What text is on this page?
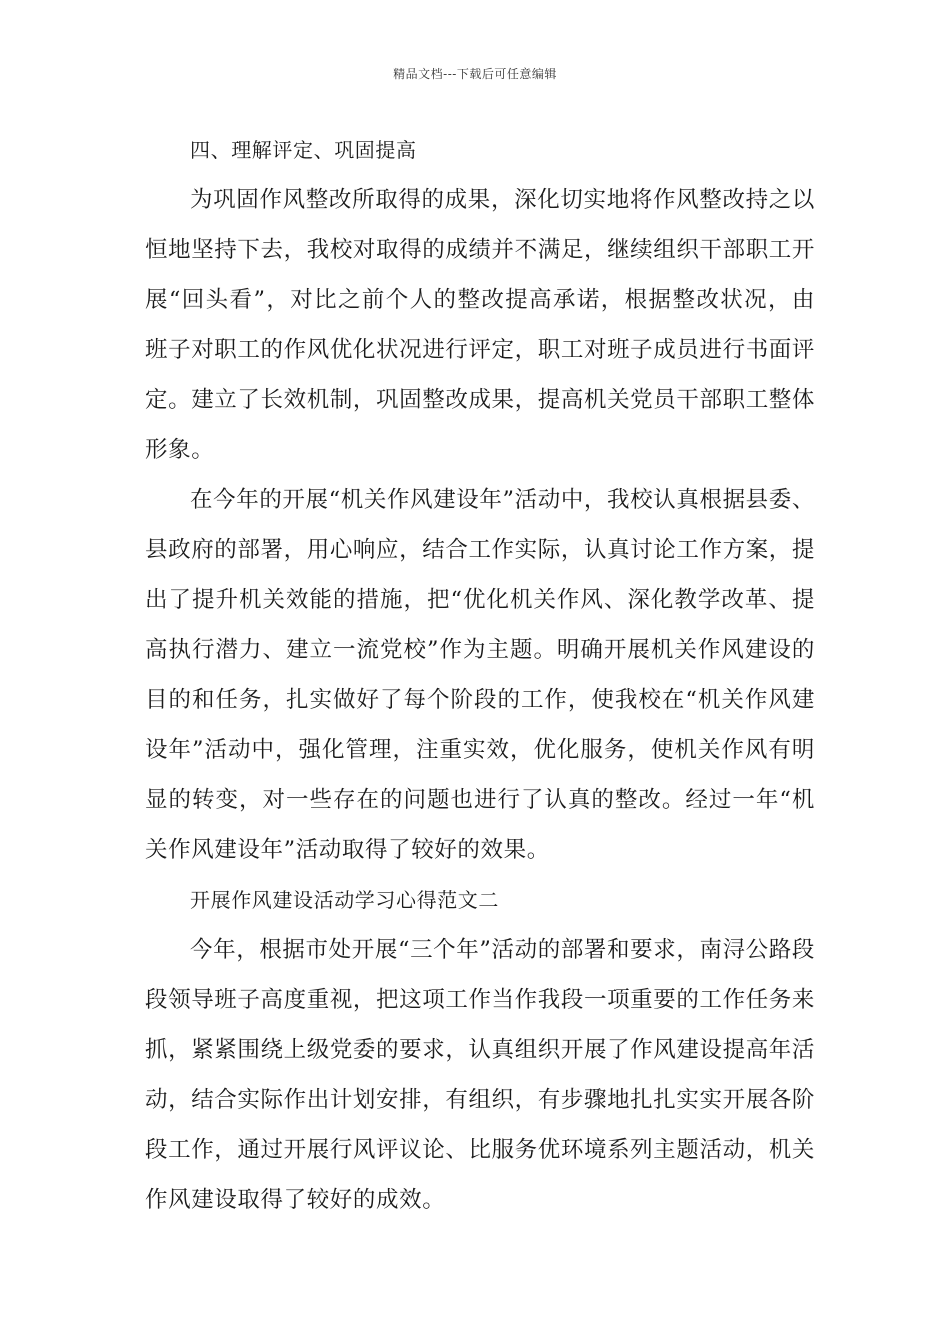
精品文档---下载后可任意编辑

四、理解评定、巩固提高

为巩固作风整改所取得的成果，深化切实地将作风整改持之以恒地坚持下去，我校对取得的成绩并不满足，继续组织干部职工开展“回头看”，对比之前个人的整改提高承诺，根据整改状况，由班子对职工的作风优化状况进行评定，职工对班子成员进行书面评定。建立了长效机制，巩固整改成果，提高机关党员干部职工整体形象。

在今年的开展“机关作风建设年”活动中，我校认真根据县委、县政府的部署，用心响应，结合工作实际，认真讨论工作方案，提出了提升机关效能的措施，把“优化机关作风、深化教学改革、提高执行潜力、建立一流党校”作为主题。明确开展机关作风建设的目的和任务，扎实做好了每个阶段的工作，使我校在“机关作风建设年”活动中，强化管理，注重实效，优化服务，使机关作风有明显的转变，对一些存在的问题也进行了认真的整改。经过一年“机关作风建设年”活动取得了较好的效果。

开展作风建设活动学习心得范文二

今年，根据市处开展“三个年”活动的部署和要求，南浔公路段段领导班子高度重视，把这项工作当作我段一项重要的工作任务来抓，紧紧围绕上级党委的要求，认真组织开展了作风建设提高年活动，结合实际作出计划安排，有组织，有步骤地扎扎实实开展各阶段工作，通过开展行风评议论、比服务优环境系列主题活动，机关作风建设取得了较好的成效。
